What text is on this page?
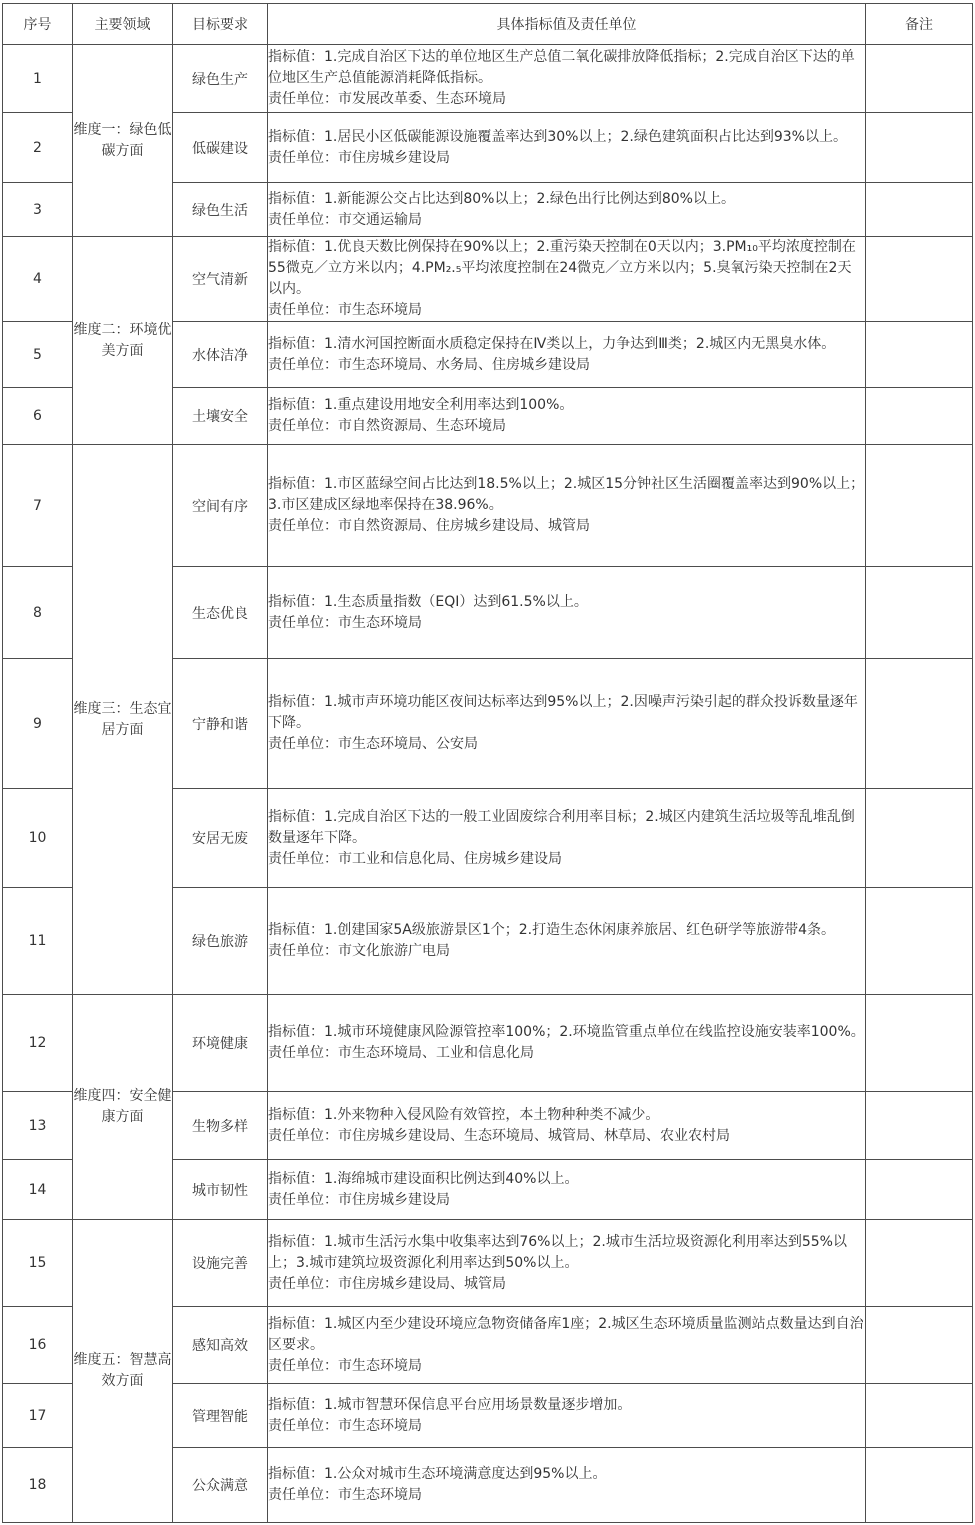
序号	主要领域	目标要求	具体指标值及责任单位	备注
1	维度一：绿色低碳方面	绿色生产	指标值：1.完成自治区下达的单位地区生产总值二氧化碳排放降低指标；2.完成自治区下达的单位地区生产总值能源消耗降低指标。
责任单位：市发展改革委、生态环境局	

2		低碳建设	指标值：1.居民小区低碳能源设施覆盖率达到30%以上；2.绿色建筑面积占比达到93%以上。
责任单位：市住房城乡建设局	

3		绿色生活	指标值：1.新能源公交占比达到80%以上；2.绿色出行比例达到80%以上。
责任单位：市交通运输局	

4	维度二：环境优美方面	空气清新	指标值：1.优良天数比例保持在90%以上；2.重污染天控制在0天以内；3.PM₁₀平均浓度控制在55微克／立方米以内；4.PM₂.₅平均浓度控制在24微克／立方米以内；5.臭氧污染天控制在2天以内。
责任单位：市生态环境局	

5		水体洁净	指标值：1.清水河国控断面水质稳定保持在Ⅳ类以上，力争达到Ⅲ类；2.城区内无黑臭水体。
责任单位：市生态环境局、水务局、住房城乡建设局	

6		土壤安全	指标值：1.重点建设用地安全利用率达到100%。
责任单位：市自然资源局、生态环境局	

7	维度三：生态宜居方面	空间有序	指标值：1.市区蓝绿空间占比达到18.5%以上；2.城区15分钟社区生活圈覆盖率达到90%以上；3.市区建成区绿地率保持在38.96%。
责任单位：市自然资源局、住房城乡建设局、城管局	

8		生态优良	指标值：1.生态质量指数（EQI）达到61.5%以上。
责任单位：市生态环境局	

9		宁静和谐	指标值：1.城市声环境功能区夜间达标率达到95%以上；2.因噪声污染引起的群众投诉数量逐年下降。
责任单位：市生态环境局、公安局	

10		安居无废	指标值：1.完成自治区下达的一般工业固废综合利用率目标；2.城区内建筑生活垃圾等乱堆乱倒数量逐年下降。
责任单位：市工业和信息化局、住房城乡建设局	

11		绿色旅游	指标值：1.创建国家5A级旅游景区1个；2.打造生态休闲康养旅居、红色研学等旅游带4条。
责任单位：市文化旅游广电局	

12	维度四：安全健康方面	环境健康	指标值：1.城市环境健康风险源管控率100%；2.环境监管重点单位在线监控设施安装率100%。
责任单位：市生态环境局、工业和信息化局	

13		生物多样	指标值：1.外来物种入侵风险有效管控，本土物种种类不减少。
责任单位：市住房城乡建设局、生态环境局、城管局、林草局、农业农村局	

14		城市韧性	指标值：1.海绵城市建设面积比例达到40%以上。
责任单位：市住房城乡建设局	

15	维度五：智慧高效方面	设施完善	指标值：1.城市生活污水集中收集率达到76%以上；2.城市生活垃圾资源化利用率达到55%以上；3.城市建筑垃圾资源化利用率达到50%以上。
责任单位：市住房城乡建设局、城管局	

16		感知高效	指标值：1.城区内至少建设环境应急物资储备库1座；2.城区生态环境质量监测站点数量达到自治区要求。
责任单位：市生态环境局	

17		管理智能	指标值：1.城市智慧环保信息平台应用场景数量逐步增加。
责任单位：市生态环境局	

18		公众满意	指标值：1.公众对城市生态环境满意度达到95%以上。
责任单位：市生态环境局	
